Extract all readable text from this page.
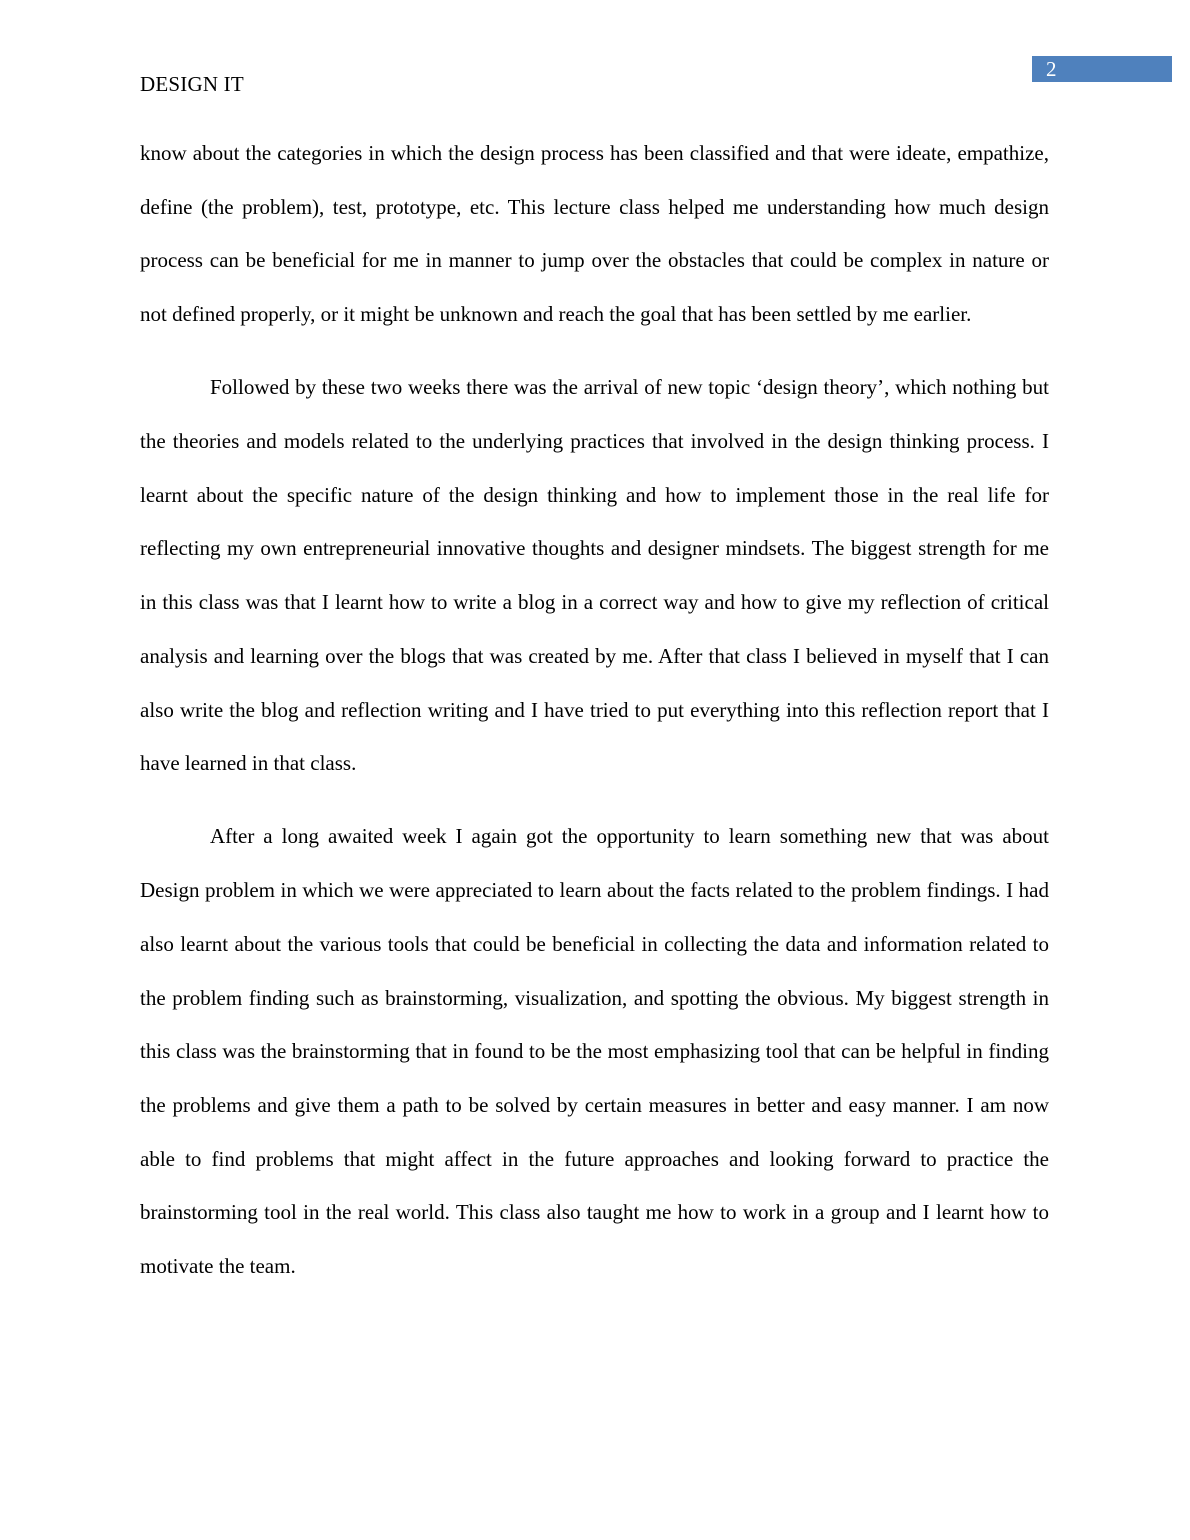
2
DESIGN IT

know about the categories in which the design process has been classified and that were ideate, empathize, define (the problem), test, prototype, etc. This lecture class helped me understanding how much design process can be beneficial for me in manner to jump over the obstacles that could be complex in nature or not defined properly, or it might be unknown and reach the goal that has been settled by me earlier.

Followed by these two weeks there was the arrival of new topic ‘design theory’, which nothing but the theories and models related to the underlying practices that involved in the design thinking process. I learnt about the specific nature of the design thinking and how to implement those in the real life for reflecting my own entrepreneurial innovative thoughts and designer mindsets. The biggest strength for me in this class was that I learnt how to write a blog in a correct way and how to give my reflection of critical analysis and learning over the blogs that was created by me. After that class I believed in myself that I can also write the blog and reflection writing and I have tried to put everything into this reflection report that I have learned in that class.

After a long awaited week I again got the opportunity to learn something new that was about Design problem in which we were appreciated to learn about the facts related to the problem findings. I had also learnt about the various tools that could be beneficial in collecting the data and information related to the problem finding such as brainstorming, visualization, and spotting the obvious. My biggest strength in this class was the brainstorming that in found to be the most emphasizing tool that can be helpful in finding the problems and give them a path to be solved by certain measures in better and easy manner. I am now able to find problems that might affect in the future approaches and looking forward to practice the brainstorming tool in the real world. This class also taught me how to work in a group and I learnt how to motivate the team.
